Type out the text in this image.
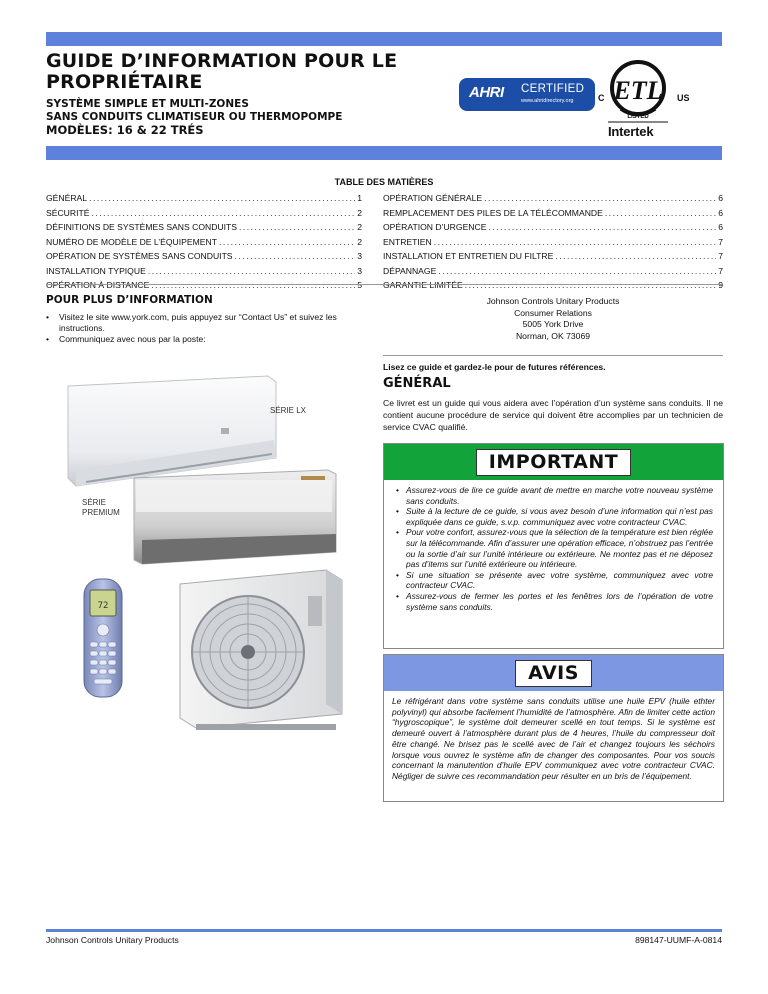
GUIDE D’INFORMATION POUR LE PROPRIÉTAIRE
SYSTÈME SIMPLE ET MULTI-ZONES
SANS CONDUITS CLIMATISEUR OU THERMOPOMPE
MODÈLES: 16 & 22 TRÉS
AHRI CERTIFIED
www.ahridirectory.org ETL
LISTED
C	US
Intertek
TABLE DES MATIÈRES
GÉNÉRAL .....	1
SÉCURITÉ .....	2
DÉFINITIONS DE SYSTÈMES SANS CONDUITS .....	2
NUMÉRO DE MODÈLE DE L’ÉQUIPEMENT .....	2
OPÉRATION DE SYSTÈMES SANS CONDUITS .....	3
INSTALLATION TYPIQUE .....	3
OPÉRATION À DISTANCE .....	5
OPÉRATION GÉNÉRALE .....	6
REMPLACEMENT DES PILES DE LA TÉLÉCOMMANDE .....	6
OPÉRATION D’URGENCE .....	6
ENTRETIEN .....	7
INSTALLATION ET ENTRETIEN DU FILTRE .....	7
DÉPANNAGE .....	7
GARANTIE LIMITÉE .....	9
POUR PLUS D’INFORMATION
• Visitez le site www.york.com, puis appuyez sur “Contact Us” et suivez les instructions.
• Communiquez avec nous par la poste:
Johnson Controls Unitary Products
Consumer Relations
5005 York Drive
Norman, OK 73069
Lisez ce guide et gardez-le pour de futures références.
72
SÉRIE LX
SÉRIE
PREMIUM
GÉNÉRAL
Ce livret est un guide qui vous aidera avec l’opération d’un système sans conduits. Il ne contient aucune procédure de service qui doivent être accomplies par un technicien de service CVAC qualifié.
IMPORTANT
• Assurez-vous de lire ce guide avant de mettre en marche votre nouveau système sans conduits.
• Suite à la lecture de ce guide, si vous avez besoin d’une information qui n’est pas expliquée dans ce guide, s.v.p. communiquez avec votre contracteur CVAC.
• Pour votre confort, assurez-vous que la sélection de la température est bien réglée sur la télécommande. Afin d’assurer une opération efficace, n’obstruez pas l’entrée ou la sortie d’air sur l’unité intérieure ou extérieure. Ne montez pas et ne déposez pas d’items sur l’unité extérieure ou intérieure.
• Si une situation se présente avec votre système, communiquez avec votre contracteur CVAC.
• Assurez-vous de fermer les portes et les fenêtres lors de l’opération de votre système sans conduits.
AVIS
Le réfrigérant dans votre système sans conduits utilise une huile EPV (huile ethter polyvinyl) qui absorbe facilement l’humidité de l’atmosphère. Afin de limiter cette action “hygroscopique”, le système doit demeurer scellé en tout temps. Si le système est demeuré ouvert à l’atmosphère durant plus de 4 heures, l’huile du compresseur doit être changé. Ne brisez pas le scellé avec de l’air et changez toujours les séchoirs lorsque vous ouvrez le système afin de changer des composantes. Pour vos soucis concernant la manutention d’huile EPV communiquez avec votre contracteur CVAC. Négliger de suivre ces recommandation peur résulter en un bris de l’équipement.
Johnson Controls Unitary Products	898147-UUMF-A-0814
